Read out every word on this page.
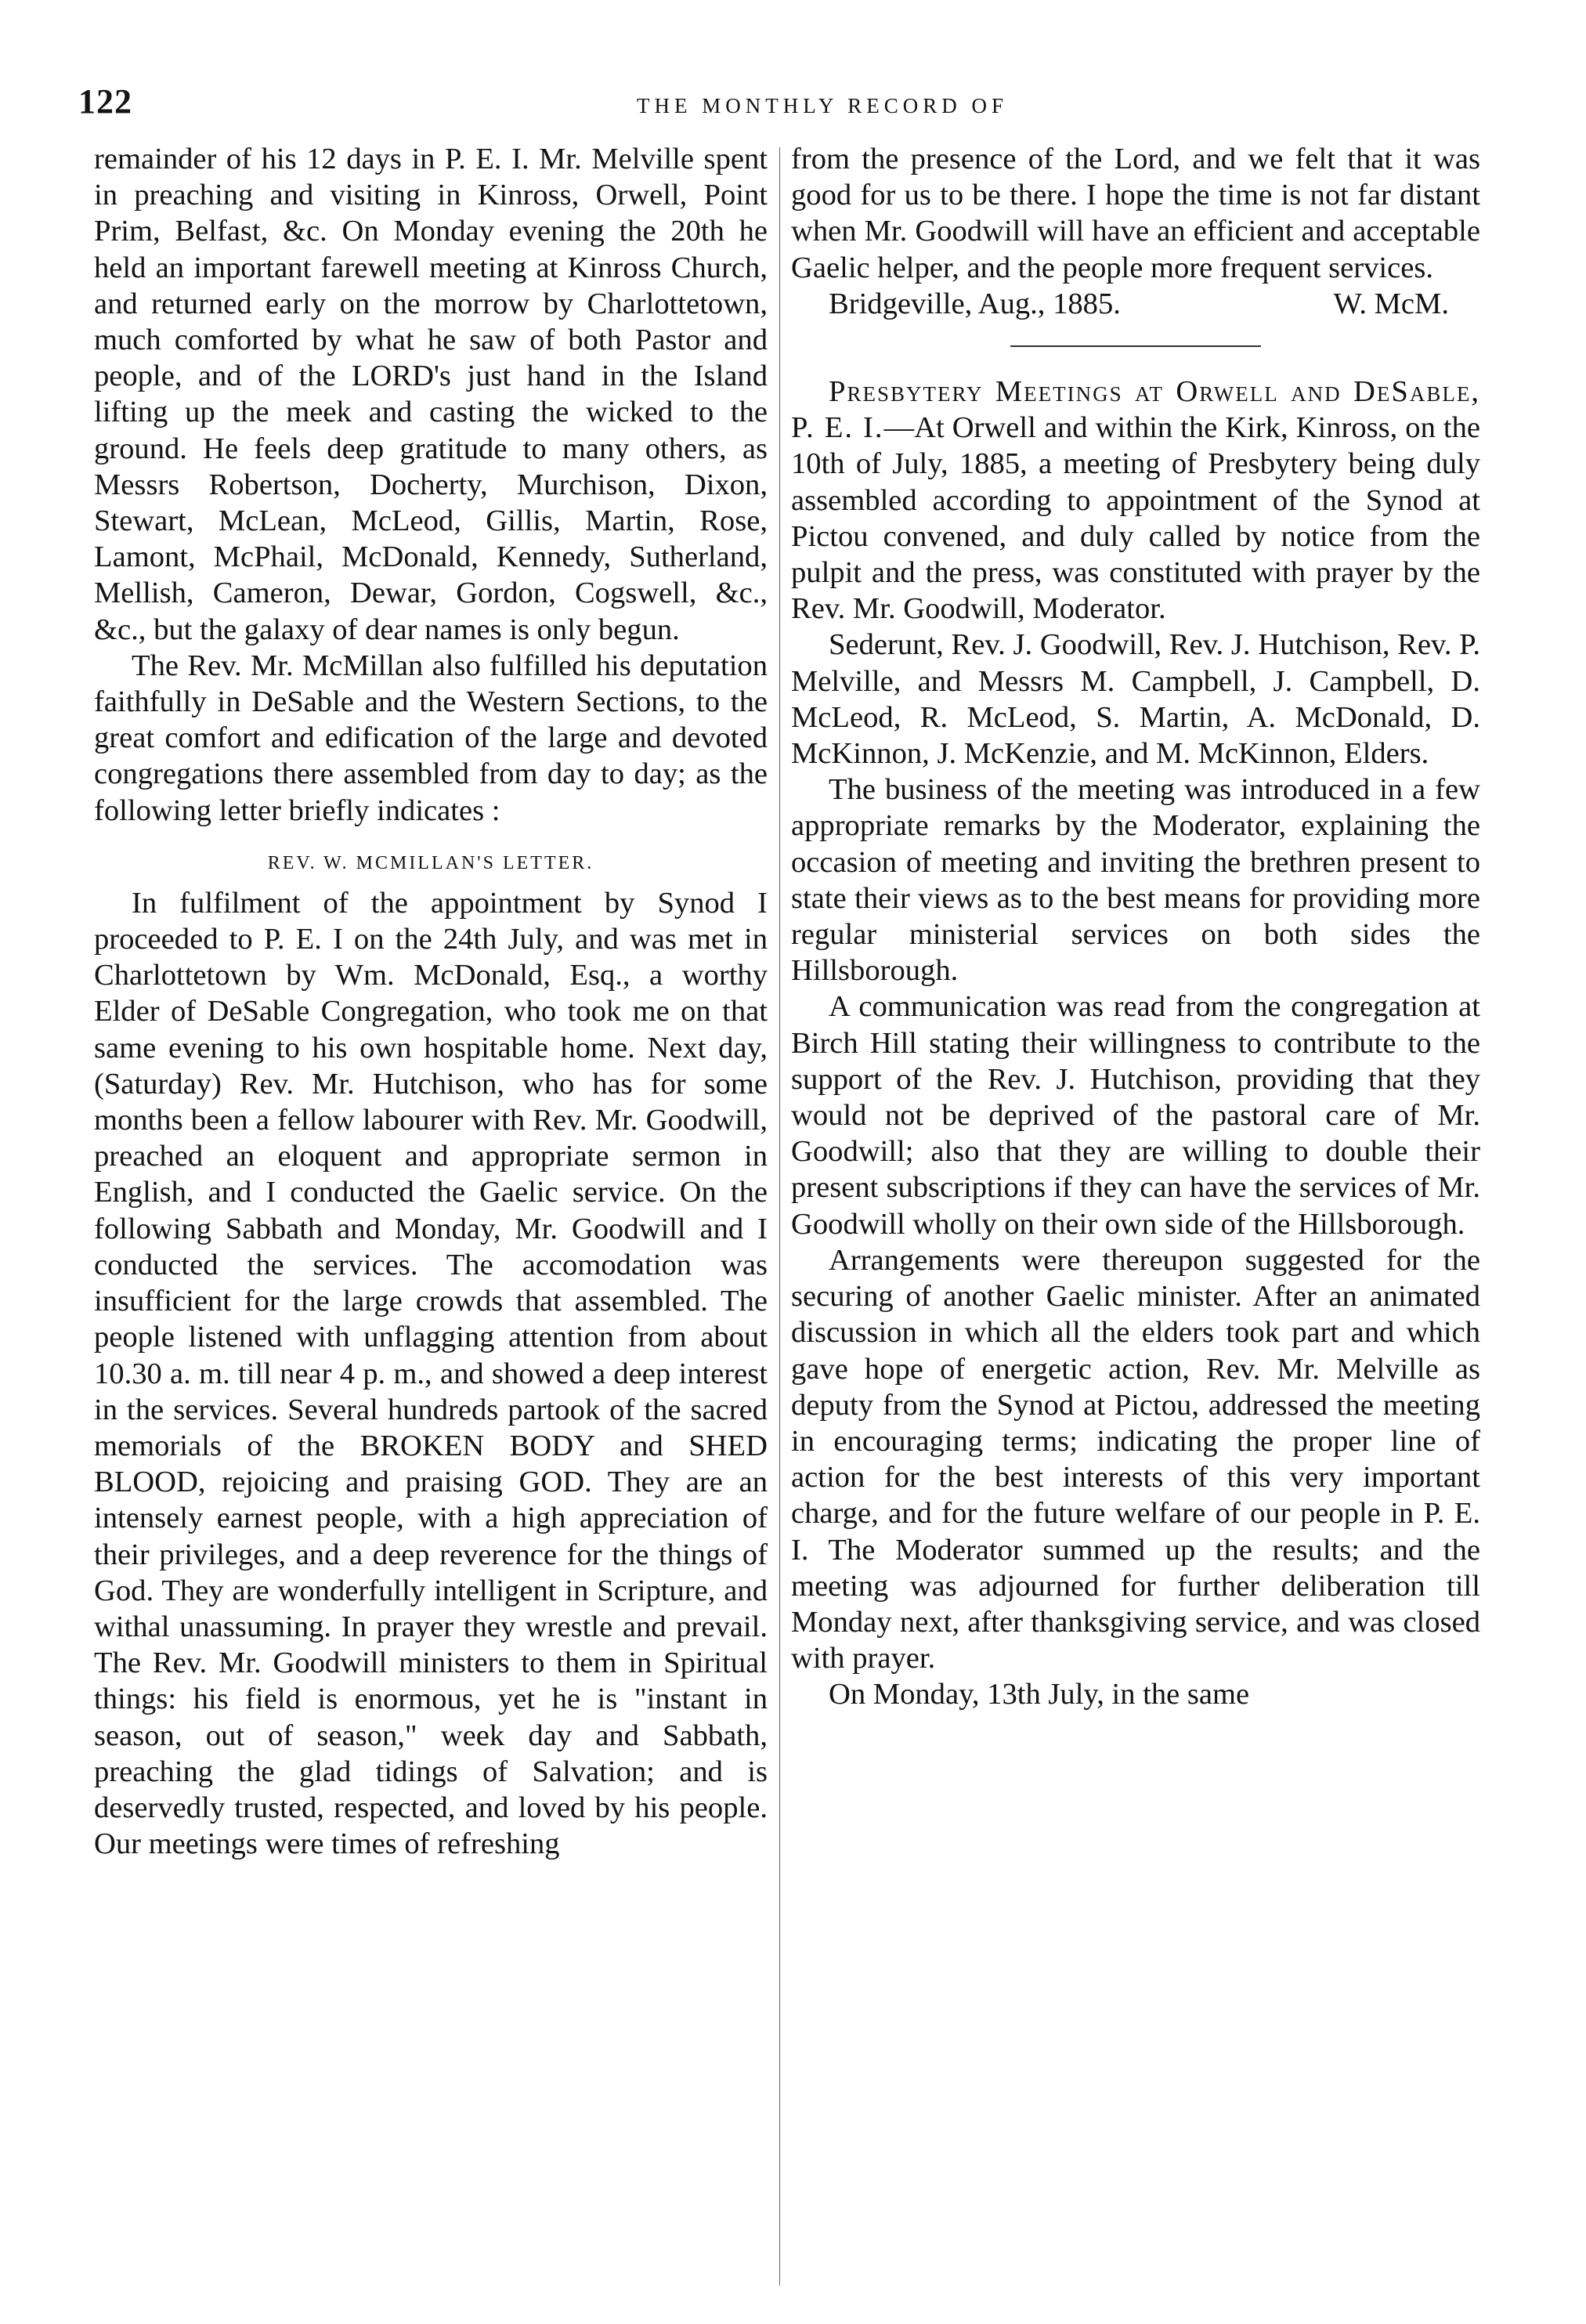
122	THE MONTHLY RECORD OF

remainder of his 12 days in P. E. I. Mr. Melville spent in preaching and visiting in Kinross, Orwell, Point Prim, Belfast, &c. On Monday evening the 20th he held an important farewell meeting at Kinross Church, and returned early on the morrow by Charlottetown, much comforted by what he saw of both Pastor and people, and of the LORD's just hand in the Island lifting up the meek and casting the wicked to the ground. He feels deep gratitude to many others, as Messrs Robertson, Docherty, Murchison, Dixon, Stewart, McLean, McLeod, Gillis, Martin, Rose, Lamont, McPhail, McDonald, Kennedy, Sutherland, Mellish, Cameron, Dewar, Gordon, Cogswell, &c., &c., but the galaxy of dear names is only begun.

The Rev. Mr. McMillan also fulfilled his deputation faithfully in DeSable and the Western Sections, to the great comfort and edification of the large and devoted congregations there assembled from day to day; as the following letter briefly indicates :

REV. W. MCMILLAN'S LETTER.

In fulfilment of the appointment by Synod I proceeded to P. E. I on the 24th July, and was met in Charlottetown by Wm. McDonald, Esq., a worthy Elder of DeSable Congregation, who took me on that same evening to his own hospitable home. Next day, (Saturday) Rev. Mr. Hutchison, who has for some months been a fellow labourer with Rev. Mr. Goodwill, preached an eloquent and appropriate sermon in English, and I conducted the Gaelic service. On the following Sabbath and Monday, Mr. Goodwill and I conducted the services. The accomodation was insufficient for the large crowds that assembled. The people listened with unflagging attention from about 10.30 a. m. till near 4 p. m., and showed a deep interest in the services. Several hundreds partook of the sacred memorials of the BROKEN BODY and SHED BLOOD, rejoicing and praising GOD. They are an intensely earnest people, with a high appreciation of their privileges, and a deep reverence for the things of God. They are wonderfully intelligent in Scripture, and withal unassuming. In prayer they wrestle and prevail. The Rev. Mr. Goodwill ministers to them in Spiritual things: his field is enormous, yet he is "instant in season, out of season," week day and Sabbath, preaching the glad tidings of Salvation; and is deservedly trusted, respected, and loved by his people. Our meetings were times of refreshing

from the presence of the Lord, and we felt that it was good for us to be there. I hope the time is not far distant when Mr. Goodwill will have an efficient and acceptable Gaelic helper, and the people more frequent services.

Bridgeville, Aug., 1885.	W. McM.

Presbytery Meetings at Orwell and DeSable, P. E. I.—At Orwell and within the Kirk, Kinross, on the 10th of July, 1885, a meeting of Presbytery being duly assembled according to appointment of the Synod at Pictou convened, and duly called by notice from the pulpit and the press, was constituted with prayer by the Rev. Mr. Goodwill, Moderator.

Sederunt, Rev. J. Goodwill, Rev. J. Hutchison, Rev. P. Melville, and Messrs M. Campbell, J. Campbell, D. McLeod, R. McLeod, S. Martin, A. McDonald, D. McKinnon, J. McKenzie, and M. McKinnon, Elders.

The business of the meeting was introduced in a few appropriate remarks by the Moderator, explaining the occasion of meeting and inviting the brethren present to state their views as to the best means for providing more regular ministerial services on both sides the Hillsborough.

A communication was read from the congregation at Birch Hill stating their willingness to contribute to the support of the Rev. J. Hutchison, providing that they would not be deprived of the pastoral care of Mr. Goodwill; also that they are willing to double their present subscriptions if they can have the services of Mr. Goodwill wholly on their own side of the Hillsborough.

Arrangements were thereupon suggested for the securing of another Gaelic minister. After an animated discussion in which all the elders took part and which gave hope of energetic action, Rev. Mr. Melville as deputy from the Synod at Pictou, addressed the meeting in encouraging terms; indicating the proper line of action for the best interests of this very important charge, and for the future welfare of our people in P. E. I. The Moderator summed up the results; and the meeting was adjourned for further deliberation till Monday next, after thanksgiving service, and was closed with prayer.

On Monday, 13th July, in the same
